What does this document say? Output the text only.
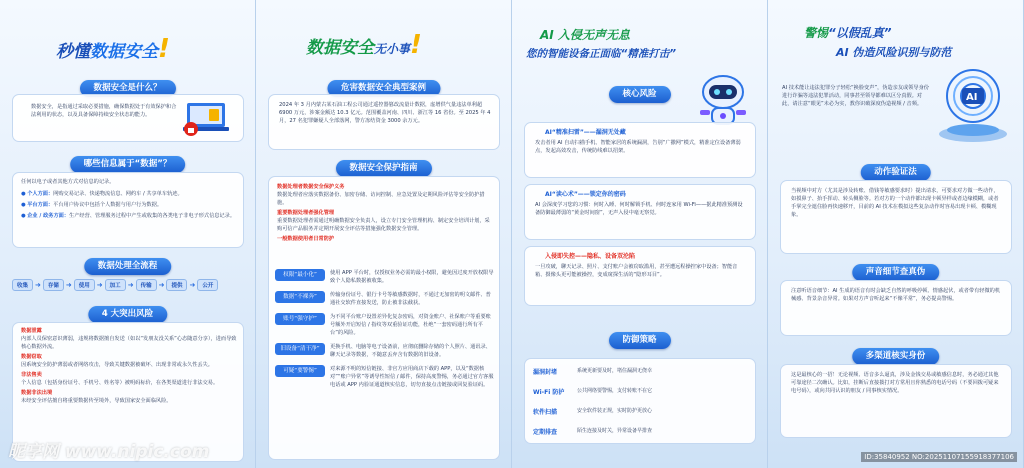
秒懂数据安全!
数据安全是什么？
数据安全，是指通过采取必要措施，确保数据处于有效保护和合法利用的状态，以及具备保障持续安全状态的能力。
哪些信息属于“数据”？
任何以电子或者其他方式对信息的记录。
● 个人方面：网购交易记录、快递物流信息、网约车 / 共享单车轨迹。
● 平台方面：平台用户协议中包括个人数据与用户行为数据。
● 企业 / 政务方面：生产经营、管理服务过程中产生或收集的各类电子非电子形式信息记录。
数据处理全流程
收集	➜	存储	➜	使用	➜	加工	➜	传输	➜	提供	➜	公开
4 大突出风险
数据泄露
内部人员保密意识薄弱，违规将数据擅自发送（如以“发朋友没关系”心态随意分享），进而导致核心数据外流。
数据窃取
因系统安全防护薄弱或者网络攻击，导致关键数据被破坏、出现非常或永久性丢失。
非法售卖
个人信息（包括身份证号、手机号、姓名等）被明码标价，在各类渠道进行非法交易。
数据非法出境
未经安全评估擅自将重要数据传至境外，导致国家安全面临风险。
昵享网 www.nipic.com
数据安全无小事!
危害数据安全典型案例
2024 年 3 月内蒙古某石油工程公司通过遥控器篡改流量计数据，虚增供气量违法单利超 6900 万元，涉案金额达 10.3 亿元。范围覆盖河南、四川、浙江等 16 省份。至 2025 年 4 月，27 名犯罪嫌疑人全部落网，警方冻结资金 3000 余万元。
数据安全保护指南
数据处理者数据安全保护义务
数据处理者应落实数据备份、加密存储、访问控制、应急处置及定期风险评估等安全防护措施。
重要数据处理者强化管理
重要数据处理者需通过明确数据安全负责人，设立专门安全管理机构、制定安全培训计划，采购可信产品服务并定期开展安全评估等措施强化数据安全管理。
一般数据使用者日常防护
权限“最小化”	使用 APP 平台时，仅授权业务必需的最小权限，避免因过度开放权限导致个人隐私数据被收集。
数据“不裸奔”	传输身份证号、银行卡号等敏感数据时，不通过无加密的明文邮件、普通社交软件直接发送，防止被非法截获。
账号“强守护”	为不同平台账户设置差异化复杂密码，对资金账户、社保账户等重要账号额外开启短信 / 指纹等双重验证功能，杜绝“一套密码通行所有平台”的风险。
旧设备“清干净”	更换手机、电脑等电子设备前，应彻底删除存储的个人照片、通讯录、聊天记录等数据，不随意丢弃含有数据的旧设备。
可疑“要警惕”	对来源不明的短信链接、非官方应用商店下载的 APP，以及“数据核对”“账户异常”等诱导性短信 / 邮件，保持高度警惕，务必通过官方客服电话或 APP 内验证通道核实信息，切勿直接点击链接或回复验证码。
AI 入侵无声无息
您的智能设备正面临“精准打击”
核心风险
AI“精准扫雷”——漏洞无处藏
攻击者用 AI 自动扫描手机、智能家居的系统漏洞，告别“广撒网”模式，精准定位设备薄弱点，发起高效攻击，传统防线难以招架。
AI“读心术”——锁定你的密码
AI 会深度学习您的习惯：何时入睡、何时解锁手机、何时连家用 Wi-Fi——据此精准预测设备防御最薄弱的“黄金时间窗”，无声入侵中毫无察觉。
入侵即失控——隐私、设备双沦陷
一旦攻破，聊天记录、照片、支付账户会被窃取滥用，甚至遭远程操控家中设备；智能音箱、摄像头更可能被操控，变成窥探生活的“隐形耳目”。
防御策略
漏洞封堵	系统更新要及时，堵住漏洞无侥幸
Wi-Fi 防护	公共网络要警惕，支付转账不在它
软件扫描	安全软件装正规，实时防护更放心
定期排查	陌生连接及时关，异常设备早排查
警惕“以假乱真”
AI 伪造风险识别与防范
AI
AI 技术能让违法犯罪分子轻松“换脸变声”，伪造亲友或领导身份进行诈骗等违法犯罪活动，同事甚至领导都难以区分真假。对此，请注意“眼见”未必为实，教你识破深度伪造视频 / 音频。
动作验证法
当视频中对方（尤其是涉及转账、借钱等敏感要求时）提出请求，可要求对方做一些动作，如摸鼻子、抬手挥动、转头侧脸等。若对方的一个动作都出现卡顿异样或者边缘模糊，或者手掌完全遮住脸再快速移开，目前的 AI 技术在模拟这些复杂动作时容易出现卡顿、模糊现象。
声音细节查真伪
注意听语音细节：AI 生成的语音有时会缺乏自然的呼吸停顿、情感起伏，或者带有轻微的机械感、背景杂音异常。如果对方声音听起来“不像平常”，务必提高警惕。
多渠道核实身份
这是最核心的一招！无论视频、语音多么逼真，涉及金钱交易或敏感信息时，务必通过其他可靠途径二次确认。比如，挂断后直接拨打对方常用且你熟悉的电话号码（不要回拨可疑来电号码），或向共同认识的朋友 / 同事核实情况。
ID:35840952 NO:20251107155918377106
